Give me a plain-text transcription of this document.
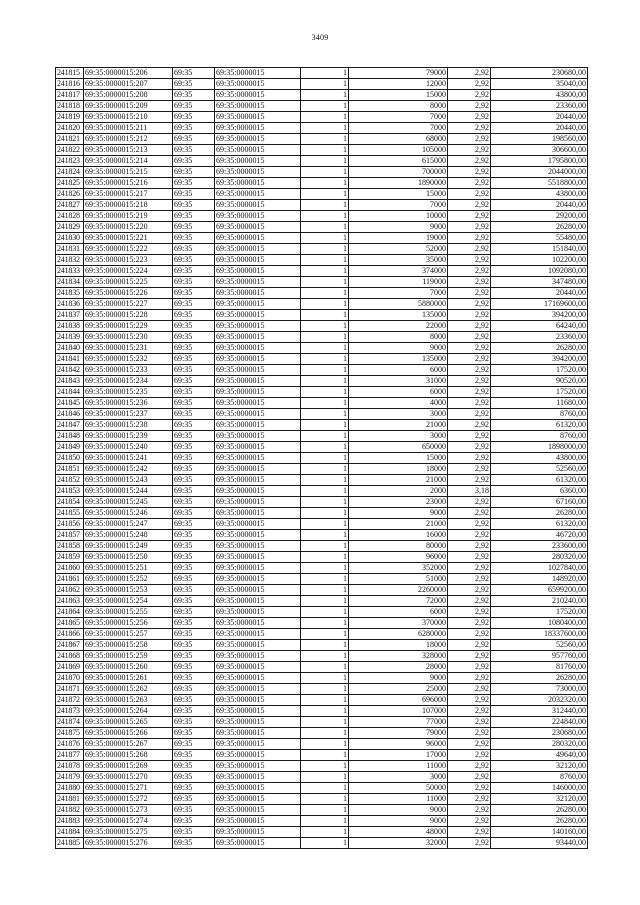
3409
241815	69:35:0000015:206	69:35	69:35:0000015	1	79000	2,92	230680,00
241816	69:35:0000015:207	69:35	69:35:0000015	1	12000	2,92	35040,00
241817	69:35:0000015:208	69:35	69:35:0000015	1	15000	2,92	43800,00
241818	69:35:0000015:209	69:35	69:35:0000015	1	8000	2,92	23360,00
241819	69:35:0000015:210	69:35	69:35:0000015	1	7000	2,92	20440,00
241820	69:35:0000015:211	69:35	69:35:0000015	1	7000	2,92	20440,00
241821	69:35:0000015:212	69:35	69:35:0000015	1	68000	2,92	198560,00
241822	69:35:0000015:213	69:35	69:35:0000015	1	105000	2,92	306600,00
241823	69:35:0000015:214	69:35	69:35:0000015	1	615000	2,92	1795800,00
241824	69:35:0000015:215	69:35	69:35:0000015	1	700000	2,92	2044000,00
241825	69:35:0000015:216	69:35	69:35:0000015	1	1890000	2,92	5518800,00
241826	69:35:0000015:217	69:35	69:35:0000015	1	15000	2,92	43800,00
241827	69:35:0000015:218	69:35	69:35:0000015	1	7000	2,92	20440,00
241828	69:35:0000015:219	69:35	69:35:0000015	1	10000	2,92	29200,00
241829	69:35:0000015:220	69:35	69:35:0000015	1	9000	2,92	26280,00
241830	69:35:0000015:221	69:35	69:35:0000015	1	19000	2,92	55480,00
241831	69:35:0000015:222	69:35	69:35:0000015	1	52000	2,92	151840,00
241832	69:35:0000015:223	69:35	69:35:0000015	1	35000	2,92	102200,00
241833	69:35:0000015:224	69:35	69:35:0000015	1	374000	2,92	1092080,00
241834	69:35:0000015:225	69:35	69:35:0000015	1	119000	2,92	347480,00
241835	69:35:0000015:226	69:35	69:35:0000015	1	7000	2,92	20440,00
241836	69:35:0000015:227	69:35	69:35:0000015	1	5880000	2,92	17169600,00
241837	69:35:0000015:228	69:35	69:35:0000015	1	135000	2,92	394200,00
241838	69:35:0000015:229	69:35	69:35:0000015	1	22000	2,92	64240,00
241839	69:35:0000015:230	69:35	69:35:0000015	1	8000	2,92	23360,00
241840	69:35:0000015:231	69:35	69:35:0000015	1	9000	2,92	26280,00
241841	69:35:0000015:232	69:35	69:35:0000015	1	135000	2,92	394200,00
241842	69:35:0000015:233	69:35	69:35:0000015	1	6000	2,92	17520,00
241843	69:35:0000015:234	69:35	69:35:0000015	1	31000	2,92	90520,00
241844	69:35:0000015:235	69:35	69:35:0000015	1	6000	2,92	17520,00
241845	69:35:0000015:236	69:35	69:35:0000015	1	4000	2,92	11680,00
241846	69:35:0000015:237	69:35	69:35:0000015	1	3000	2,92	8760,00
241847	69:35:0000015:238	69:35	69:35:0000015	1	21000	2,92	61320,00
241848	69:35:0000015:239	69:35	69:35:0000015	1	3000	2,92	8760,00
241849	69:35:0000015:240	69:35	69:35:0000015	1	650000	2,92	1898000,00
241850	69:35:0000015:241	69:35	69:35:0000015	1	15000	2,92	43800,00
241851	69:35:0000015:242	69:35	69:35:0000015	1	18000	2,92	52560,00
241852	69:35:0000015:243	69:35	69:35:0000015	1	21000	2,92	61320,00
241853	69:35:0000015:244	69:35	69:35:0000015	1	2000	3,18	6360,00
241854	69:35:0000015:245	69:35	69:35:0000015	1	23000	2,92	67160,00
241855	69:35:0000015:246	69:35	69:35:0000015	1	9000	2,92	26280,00
241856	69:35:0000015:247	69:35	69:35:0000015	1	21000	2,92	61320,00
241857	69:35:0000015:248	69:35	69:35:0000015	1	16000	2,92	46720,00
241858	69:35:0000015:249	69:35	69:35:0000015	1	80000	2,92	233600,00
241859	69:35:0000015:250	69:35	69:35:0000015	1	96000	2,92	280320,00
241860	69:35:0000015:251	69:35	69:35:0000015	1	352000	2,92	1027840,00
241861	69:35:0000015:252	69:35	69:35:0000015	1	51000	2,92	148920,00
241862	69:35:0000015:253	69:35	69:35:0000015	1	2260000	2,92	6599200,00
241863	69:35:0000015:254	69:35	69:35:0000015	1	72000	2,92	210240,00
241864	69:35:0000015:255	69:35	69:35:0000015	1	6000	2,92	17520,00
241865	69:35:0000015:256	69:35	69:35:0000015	1	370000	2,92	1080400,00
241866	69:35:0000015:257	69:35	69:35:0000015	1	6280000	2,92	18337600,00
241867	69:35:0000015:258	69:35	69:35:0000015	1	18000	2,92	52560,00
241868	69:35:0000015:259	69:35	69:35:0000015	1	328000	2,92	957760,00
241869	69:35:0000015:260	69:35	69:35:0000015	1	28000	2,92	81760,00
241870	69:35:0000015:261	69:35	69:35:0000015	1	9000	2,92	26280,00
241871	69:35:0000015:262	69:35	69:35:0000015	1	25000	2,92	73000,00
241872	69:35:0000015:263	69:35	69:35:0000015	1	696000	2,92	2032320,00
241873	69:35:0000015:264	69:35	69:35:0000015	1	107000	2,92	312440,00
241874	69:35:0000015:265	69:35	69:35:0000015	1	77000	2,92	224840,00
241875	69:35:0000015:266	69:35	69:35:0000015	1	79000	2,92	230680,00
241876	69:35:0000015:267	69:35	69:35:0000015	1	96000	2,92	280320,00
241877	69:35:0000015:268	69:35	69:35:0000015	1	17000	2,92	49640,00
241878	69:35:0000015:269	69:35	69:35:0000015	1	11000	2,92	32120,00
241879	69:35:0000015:270	69:35	69:35:0000015	1	3000	2,92	8760,00
241880	69:35:0000015:271	69:35	69:35:0000015	1	50000	2,92	146000,00
241881	69:35:0000015:272	69:35	69:35:0000015	1	11000	2,92	32120,00
241882	69:35:0000015:273	69:35	69:35:0000015	1	9000	2,92	26280,00
241883	69:35:0000015:274	69:35	69:35:0000015	1	9000	2,92	26280,00
241884	69:35:0000015:275	69:35	69:35:0000015	1	48000	2,92	140160,00
241885	69:35:0000015:276	69:35	69:35:0000015	1	32000	2,92	93440,00
